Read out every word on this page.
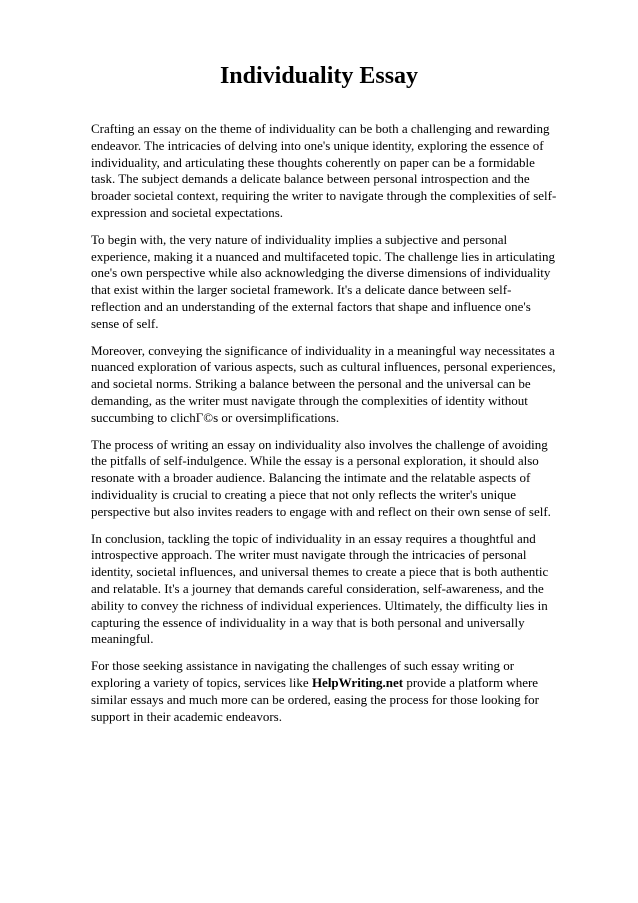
Individuality Essay

Crafting an essay on the theme of individuality can be both a challenging and rewarding endeavor. The intricacies of delving into one's unique identity, exploring the essence of individuality, and articulating these thoughts coherently on paper can be a formidable task. The subject demands a delicate balance between personal introspection and the broader societal context, requiring the writer to navigate through the complexities of self-expression and societal expectations.

To begin with, the very nature of individuality implies a subjective and personal experience, making it a nuanced and multifaceted topic. The challenge lies in articulating one's own perspective while also acknowledging the diverse dimensions of individuality that exist within the larger societal framework. It's a delicate dance between self-reflection and an understanding of the external factors that shape and influence one's sense of self.

Moreover, conveying the significance of individuality in a meaningful way necessitates a nuanced exploration of various aspects, such as cultural influences, personal experiences, and societal norms. Striking a balance between the personal and the universal can be demanding, as the writer must navigate through the complexities of identity without succumbing to clichГ©s or oversimplifications.

The process of writing an essay on individuality also involves the challenge of avoiding the pitfalls of self-indulgence. While the essay is a personal exploration, it should also resonate with a broader audience. Balancing the intimate and the relatable aspects of individuality is crucial to creating a piece that not only reflects the writer's unique perspective but also invites readers to engage with and reflect on their own sense of self.

In conclusion, tackling the topic of individuality in an essay requires a thoughtful and introspective approach. The writer must navigate through the intricacies of personal identity, societal influences, and universal themes to create a piece that is both authentic and relatable. It's a journey that demands careful consideration, self-awareness, and the ability to convey the richness of individual experiences. Ultimately, the difficulty lies in capturing the essence of individuality in a way that is both personal and universally meaningful.

For those seeking assistance in navigating the challenges of such essay writing or exploring a variety of topics, services like HelpWriting.net provide a platform where similar essays and much more can be ordered, easing the process for those looking for support in their academic endeavors.
